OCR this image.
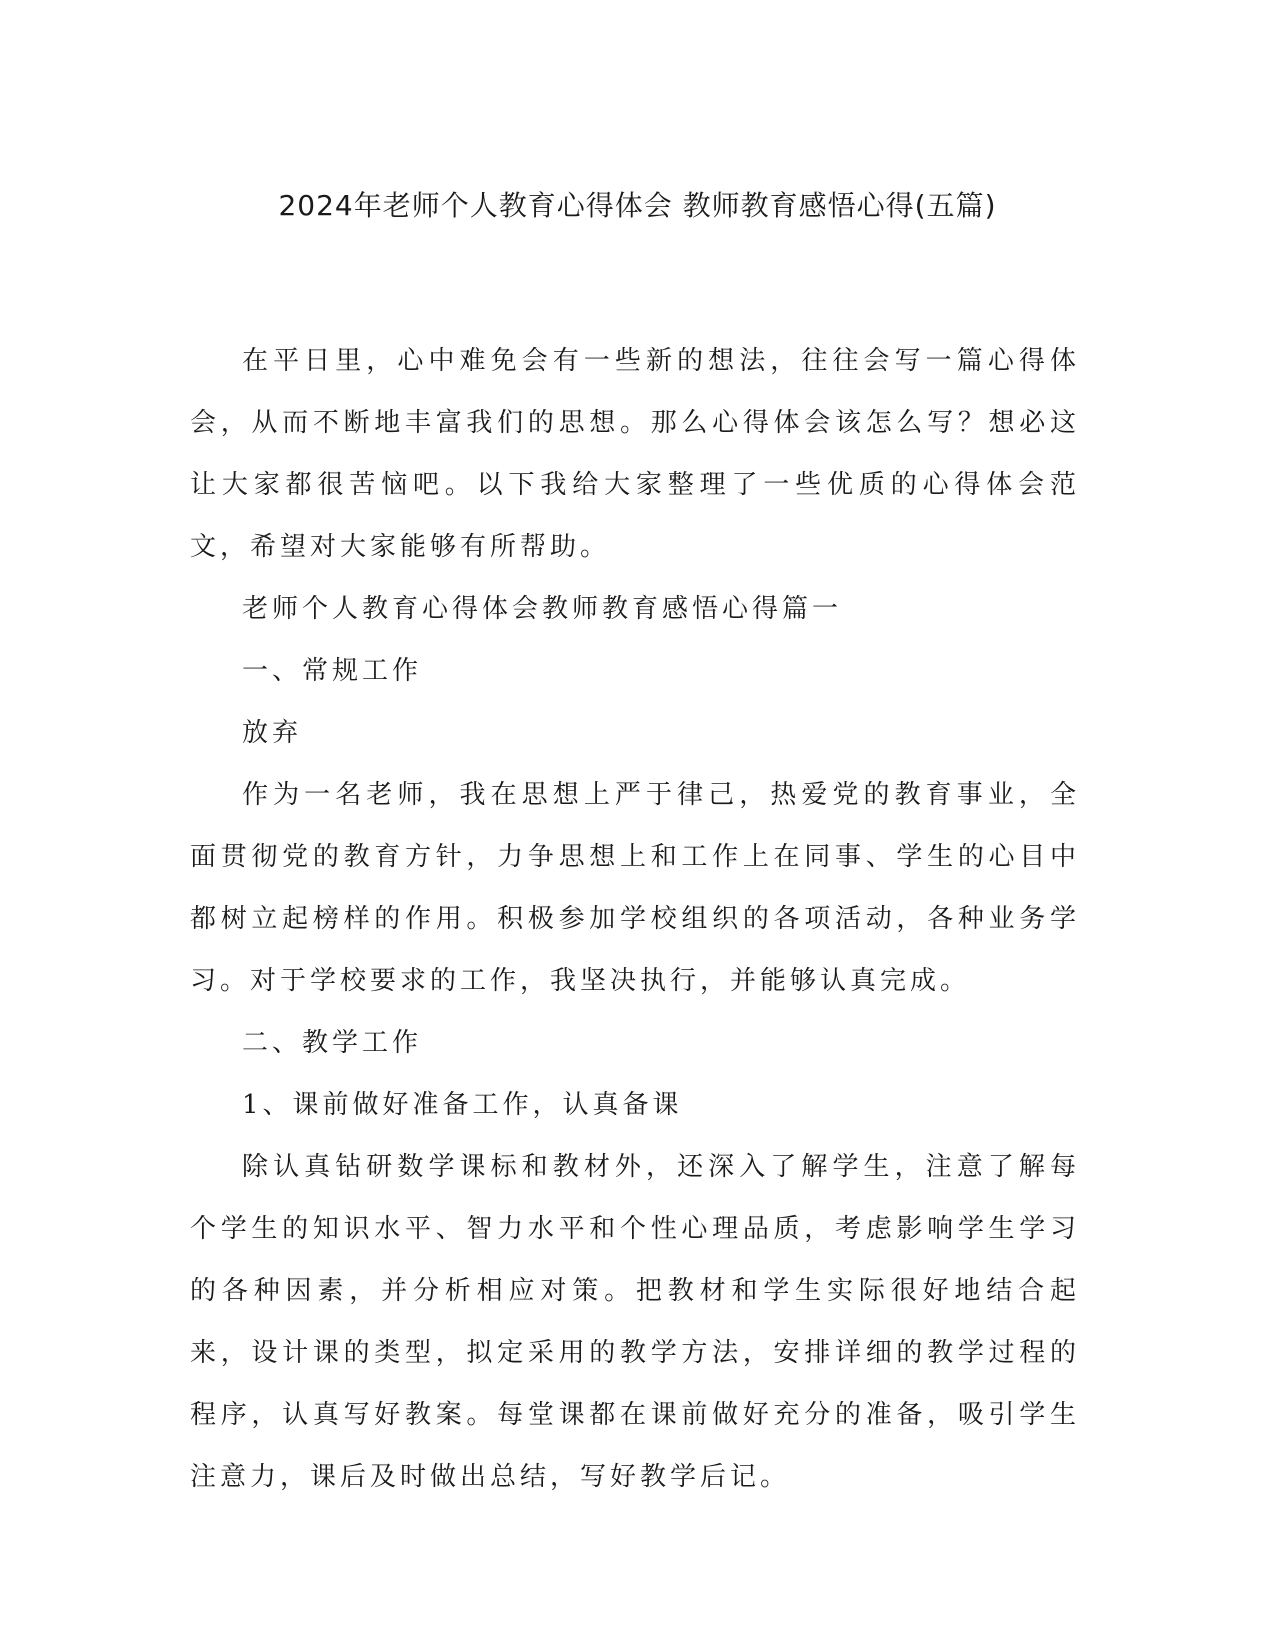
2024年老师个人教育心得体会 教师教育感悟心得(五篇)

在平日里，心中难免会有一些新的想法，往往会写一篇心得体会，从而不断地丰富我们的思想。那么心得体会该怎么写？想必这让大家都很苦恼吧。以下我给大家整理了一些优质的心得体会范文，希望对大家能够有所帮助。

老师个人教育心得体会教师教育感悟心得篇一

一、常规工作

放弃

作为一名老师，我在思想上严于律己，热爱党的教育事业，全面贯彻党的教育方针，力争思想上和工作上在同事、学生的心目中都树立起榜样的作用。积极参加学校组织的各项活动，各种业务学习。对于学校要求的工作，我坚决执行，并能够认真完成。

二、教学工作

1、课前做好准备工作，认真备课

除认真钻研数学课标和教材外，还深入了解学生，注意了解每个学生的知识水平、智力水平和个性心理品质，考虑影响学生学习的各种因素，并分析相应对策。把教材和学生实际很好地结合起来，设计课的类型，拟定采用的教学方法，安排详细的教学过程的程序，认真写好教案。每堂课都在课前做好充分的准备，吸引学生注意力，课后及时做出总结，写好教学后记。
